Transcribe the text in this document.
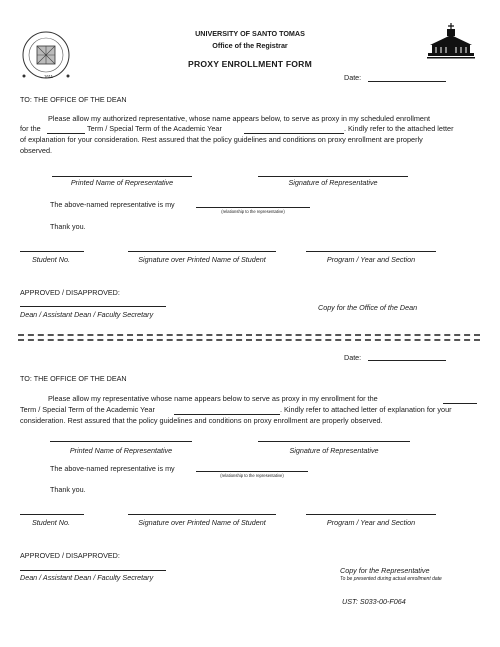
1611
UNIVERSITY OF SANTO TOMAS
Office of the Registrar
PROXY ENROLLMENT FORM
Date:
TO: THE OFFICE OF THE DEAN
Please allow my authorized representative, whose name appears below, to serve as proxy in my scheduled enrollment
for the	Term / Special Term of the Academic Year	. Kindly refer to the attached letter
of explanation for your consideration. Rest assured that the policy guidelines and conditions on proxy enrollment are properly
observed.
Printed Name of Representative	Signature of Representative
The above-named representative is my
(relationship to the representative)
Thank you.
Student No.	Signature over Printed Name of Student	Program / Year and Section
APPROVED / DISAPPROVED:
Dean / Assistant Dean / Faculty Secretary
Copy for the Office of the Dean
Date:
TO: THE OFFICE OF THE DEAN
Please allow my representative whose name appears below to serve as proxy in my enrollment for the
Term / Special Term of the Academic Year	. Kindly refer to attached letter of explanation for your
consideration. Rest assured that the policy guidelines and conditions on proxy enrollment are properly observed.
Printed Name of Representative	Signature of Representative
The above-named representative is my
(relationship to the representative)
Thank you.
Student No.	Signature over Printed Name of Student	Program / Year and Section
APPROVED / DISAPPROVED:
Dean / Assistant Dean / Faculty Secretary
Copy for the Representative
To be presented during actual enrollment date
UST: S033-00-F064
